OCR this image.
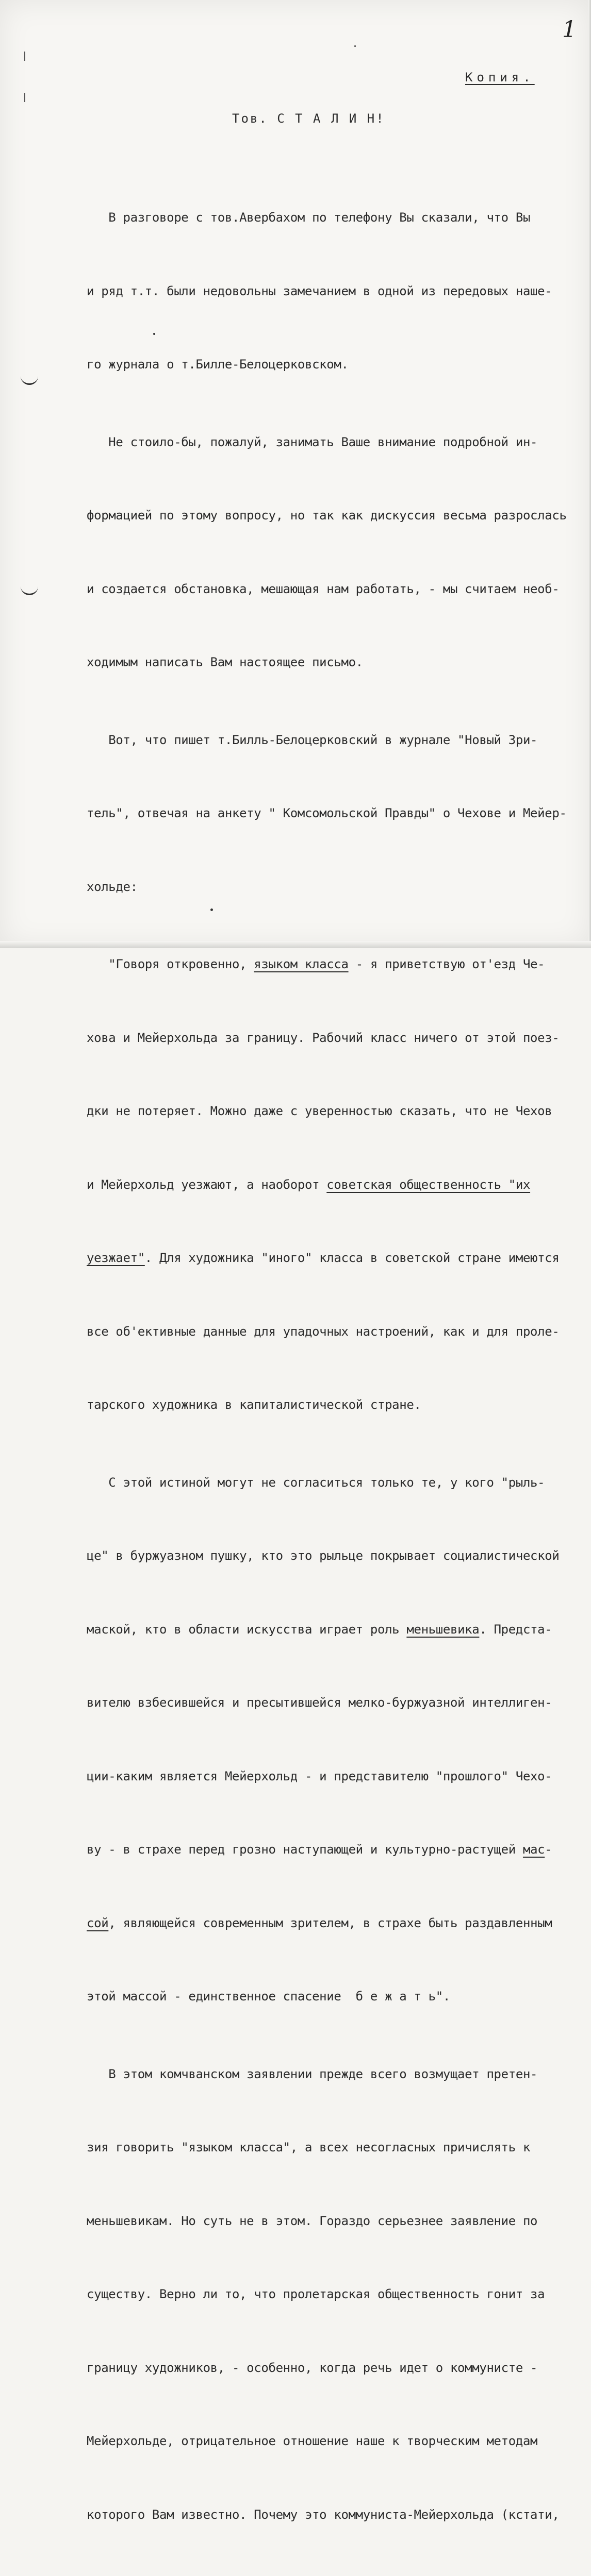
1
Копия.
Тов. С Т А Л И Н!

В разговоре с тов.Авербахом по телефону Вы сказали, что Вы

и ряд т.т. были недовольны замечанием в одной из передовых наше-

го журнала о т.Билле-Белоцерковском.

Не стоило-бы, пожалуй, занимать Ваше внимание подробной ин-

формацией по этому вопросу, но так как дискуссия весьма разрослась

и создается обстановка, мешающая нам работать, - мы считаем необ-

ходимым написать Вам настоящее письмо.

Вот, что пишет т.Билль-Белоцерковский в журнале "Новый Зри-

тель", отвечая на анкету " Комсомольской Правды" о Чехове и Мейер-

хольде:

"Говоря откровенно, языком класса - я приветствую от'езд Че-

хова и Мейерхольда за границу. Рабочий класс ничего от этой поез-

дки не потеряет. Можно даже с уверенностью сказать, что не Чехов

и Мейерхольд уезжают, а наоборот советская общественность "их

уезжает". Для художника "иного" класса в советской стране имеются

все об'ективные данные для упадочных настроений, как и для проле-

тарского художника в капиталистической стране.

С этой истиной могут не согласиться только те, у кого "рыль-

це" в буржуазном пушку, кто это рыльце покрывает социалистической

маской, кто в области искусства играет роль меньшевика. Предста-

вителю взбесившейся и пресытившейся мелко-буржуазной интеллиген-

ции-каким является Мейерхольд - и представителю "прошлого" Чехо-

ву - в страхе перед грозно наступающей и культурно-растущей мас-

сой, являющейся современным зрителем, в страхе быть раздавленным

этой массой - единственное спасение  б е ж а т ь".

В этом комчванском заявлении прежде всего возмущает претен-

зия говорить "языком класса", а всех несогласных причислять к

меньшевикам. Но суть не в этом. Гораздо серьезнее заявление по

существу. Верно ли то, что пролетарская общественность гонит за

границу художников, - особенно, когда речь идет о коммунисте -

Мейерхольде, отрицательное отношение наше к творческим методам

которого Вам известно. Почему это коммуниста-Мейерхольда (кстати,
